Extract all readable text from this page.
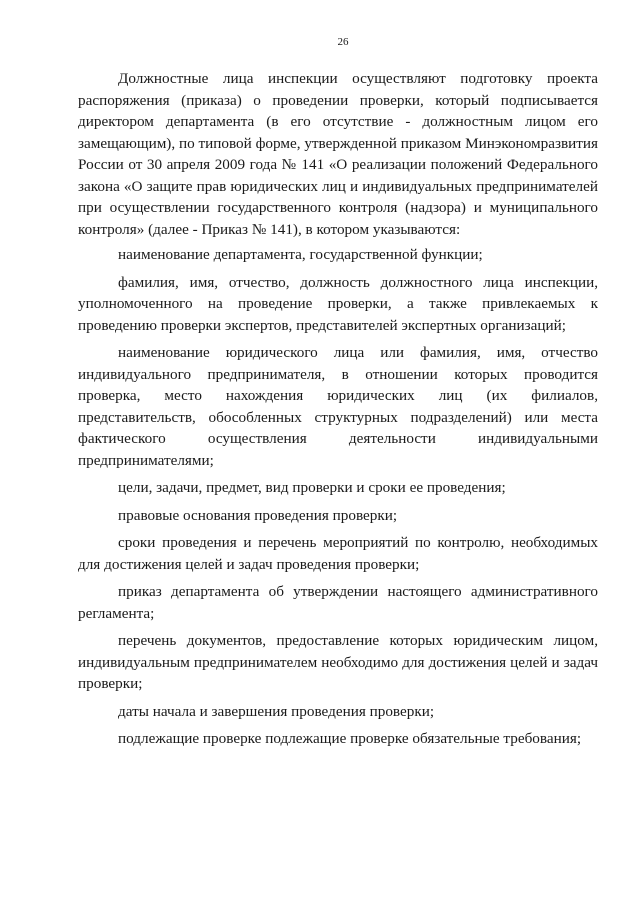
26

Должностные лица инспекции осуществляют подготовку проекта распоряжения (приказа) о проведении проверки, который подписывается директором департамента (в его отсутствие - должностным лицом его замещающим), по типовой форме, утвержденной приказом Минэкономразвития России от 30 апреля 2009 года № 141 «О реализации положений Федерального закона «О защите прав юридических лиц и индивидуальных предпринимателей при осуществлении государственного контроля (надзора) и муниципального контроля» (далее - Приказ № 141), в котором указываются:

наименование департамента, государственной функции;

фамилия, имя, отчество, должность должностного лица инспекции, уполномоченного на проведение проверки, а также привлекаемых к проведению проверки экспертов, представителей экспертных организаций;

наименование юридического лица или фамилия, имя, отчество индивидуального предпринимателя, в отношении которых проводится проверка, место нахождения юридических лиц (их филиалов, представительств, обособленных структурных подразделений) или места фактического осуществления деятельности индивидуальными предпринимателями;

цели, задачи, предмет, вид проверки и сроки ее проведения;

правовые основания проведения проверки;

сроки проведения и перечень мероприятий по контролю, необходимых для достижения целей и задач проведения проверки;

приказ департамента об утверждении настоящего административного регламента;

перечень документов, предоставление которых юридическим лицом, индивидуальным предпринимателем необходимо для достижения целей и задач проверки;

даты начала и завершения проведения проверки;

подлежащие проверке подлежащие проверке обязательные требования;
